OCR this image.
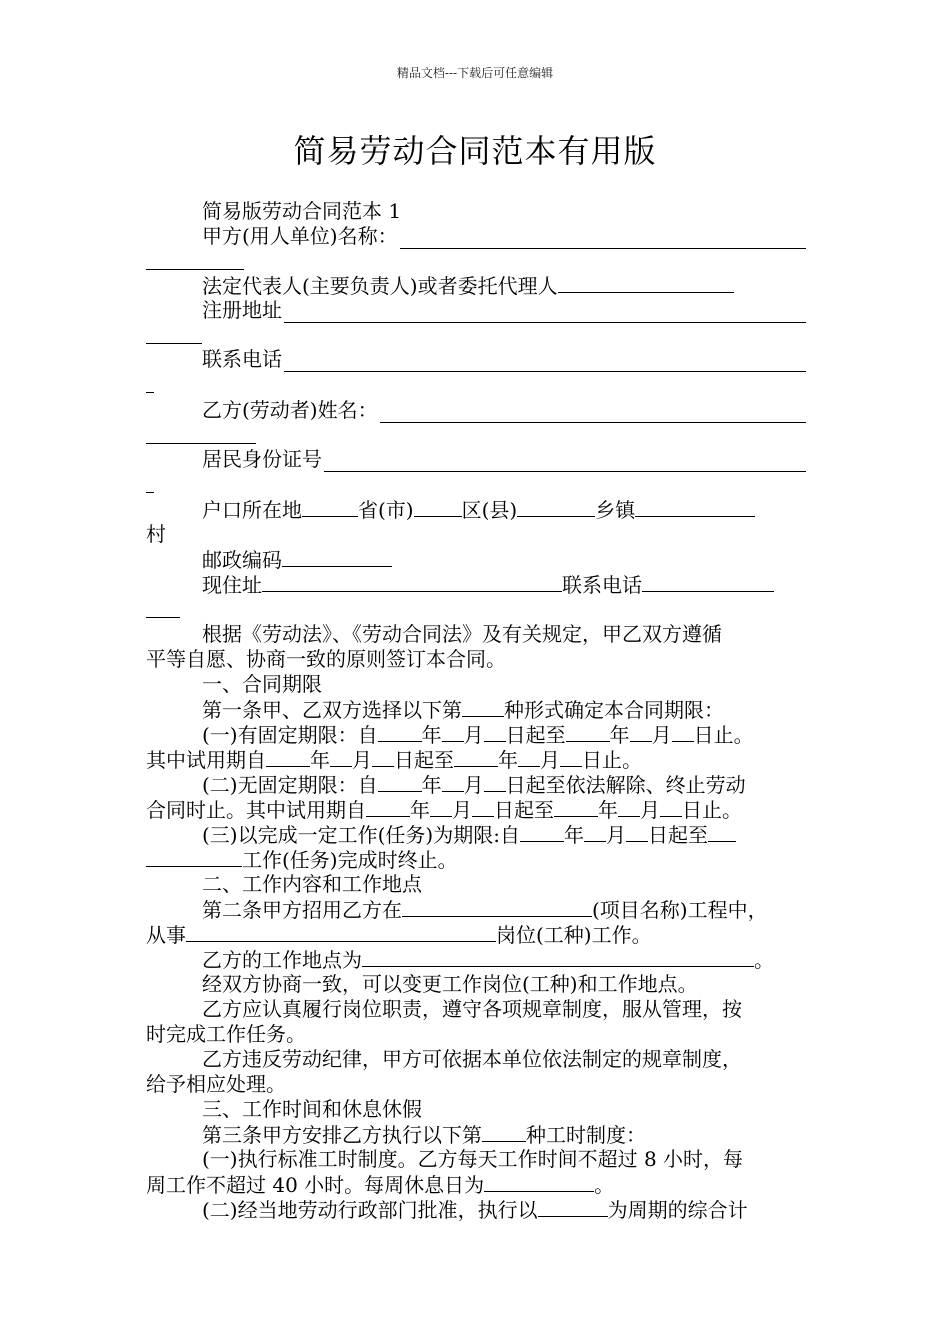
精品文档---下载后可任意编辑
简易劳动合同范本有用版
简易版劳动合同范本 1
甲方(用人单位)名称：
法定代表人(主要负责人)或者委托代理人
注册地址
联系电话
乙方(劳动者)姓名：
居民身份证号
户口所在地	省(市) 区(县)	乡镇
村
邮政编码
现住址	联系电话
根据《劳动法》、《劳动合同法》及有关规定，甲乙双方遵循
平等自愿、协商一致的原则签订本合同。
一、合同期限
第一条甲、乙双方选择以下第 种形式确定本合同期限：
(一)有固定期限：自 年 月 日起至 年 月 日止。
其中试用期自 年 月 日起至 年 月 日止。
(二)无固定期限：自 年 月 日起至依法解除、终止劳动
合同时止。其中试用期自 年 月 日起至 年 月 日止。
(三)以完成一定工作(任务)为期限:自 年 月 日起至
工作(任务)完成时终止。
二、工作内容和工作地点
第二条甲方招用乙方在	(项目名称)工程中，
从事	岗位(工种)工作。
乙方的工作地点为	。
经双方协商一致，可以变更工作岗位(工种)和工作地点。
乙方应认真履行岗位职责，遵守各项规章制度，服从管理，按
时完成工作任务。
乙方违反劳动纪律，甲方可依据本单位依法制定的规章制度，
给予相应处理。
三、工作时间和休息休假
第三条甲方安排乙方执行以下第 种工时制度：
(一)执行标准工时制度。乙方每天工作时间不超过 8 小时，每
周工作不超过 40 小时。每周休息日为	。
(二)经当地劳动行政部门批准，执行以	为周期的综合计
